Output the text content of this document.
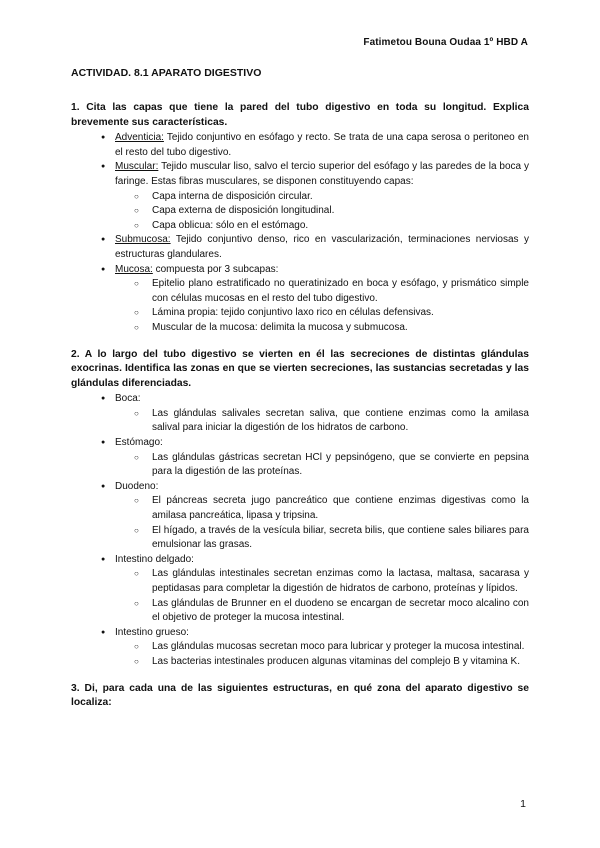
Fatimetou Bouna Oudaa 1º HBD A

ACTIVIDAD. 8.1 APARATO DIGESTIVO

1. Cita las capas que tiene la pared del tubo digestivo en toda su longitud. Explica brevemente sus características.

● Adventicia: Tejido conjuntivo en esófago y recto. Se trata de una capa serosa o peritoneo en el resto del tubo digestivo.
● Muscular: Tejido muscular liso, salvo el tercio superior del esófago y las paredes de la boca y faringe. Estas fibras musculares, se disponen constituyendo capas:
○ Capa interna de disposición circular.
○ Capa externa de disposición longitudinal.
○ Capa oblicua: sólo en el estómago.
● Submucosa: Tejido conjuntivo denso, rico en vascularización, terminaciones nerviosas y estructuras glandulares.
● Mucosa: compuesta por 3 subcapas:
○ Epitelio plano estratificado no queratinizado en boca y esófago, y prismático simple con células mucosas en el resto del tubo digestivo.
○ Lámina propia: tejido conjuntivo laxo rico en células defensivas.
○ Muscular de la mucosa: delimita la mucosa y submucosa.

2. A lo largo del tubo digestivo se vierten en él las secreciones de distintas glándulas exocrinas. Identifica las zonas en que se vierten secreciones, las sustancias secretadas y las glándulas diferenciadas.

● Boca:
○ Las glándulas salivales secretan saliva, que contiene enzimas como la amilasa salival para iniciar la digestión de los hidratos de carbono.
● Estómago:
○ Las glándulas gástricas secretan HCl y pepsinógeno, que se convierte en pepsina para la digestión de las proteínas.
● Duodeno:
○ El páncreas secreta jugo pancreático que contiene enzimas digestivas como la amilasa pancreática, lipasa y tripsina.
○ El hígado, a través de la vesícula biliar, secreta bilis, que contiene sales biliares para emulsionar las grasas.
● Intestino delgado:
○ Las glándulas intestinales secretan enzimas como la lactasa, maltasa, sacarasa y peptidasas para completar la digestión de hidratos de carbono, proteínas y lípidos.
○ Las glándulas de Brunner en el duodeno se encargan de secretar moco alcalino con el objetivo de proteger la mucosa intestinal.
● Intestino grueso:
○ Las glándulas mucosas secretan moco para lubricar y proteger la mucosa intestinal.
○ Las bacterias intestinales producen algunas vitaminas del complejo B y vitamina K.

3. Di, para cada una de las siguientes estructuras, en qué zona del aparato digestivo se localiza:

1
